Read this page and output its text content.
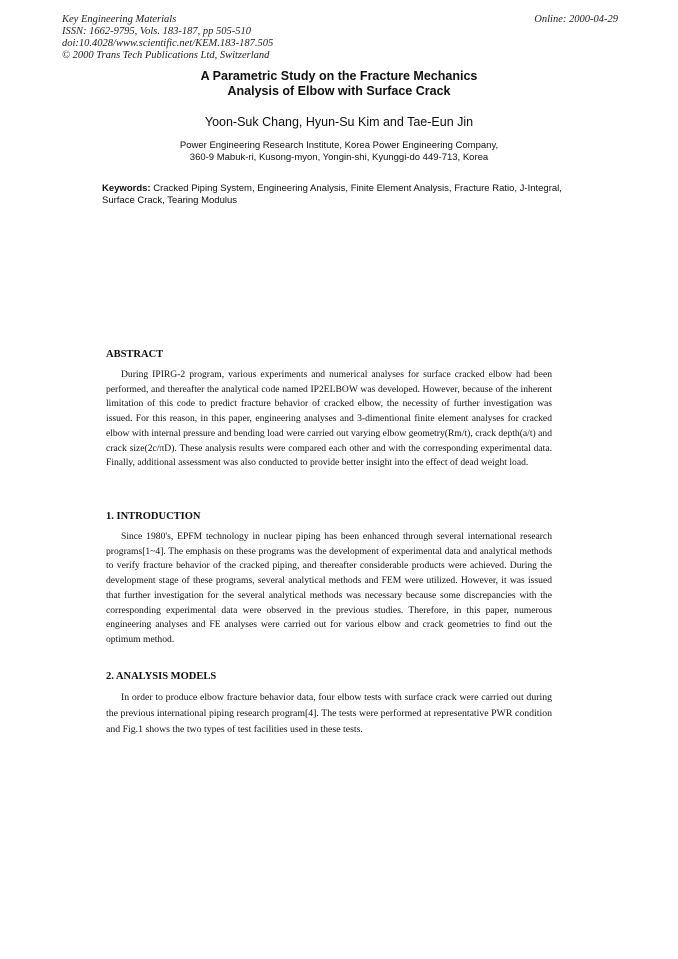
Key Engineering Materials
ISSN: 1662-9795, Vols. 183-187, pp 505-510
doi:10.4028/www.scientific.net/KEM.183-187.505
© 2000 Trans Tech Publications Ltd, Switzerland
Online: 2000-04-29
A Parametric Study on the Fracture Mechanics
Analysis of Elbow with Surface Crack
Yoon-Suk Chang, Hyun-Su Kim and Tae-Eun Jin
Power Engineering Research Institute, Korea Power Engineering Company,
360-9 Mabuk-ri, Kusong-myon, Yongin-shi, Kyunggi-do 449-713, Korea
Keywords: Cracked Piping System, Engineering Analysis, Finite Element Analysis, Fracture Ratio, J-Integral, Surface Crack, Tearing Modulus
ABSTRACT

During IPIRG-2 program, various experiments and numerical analyses for surface cracked elbow had been performed, and thereafter the analytical code named IP2ELBOW was developed. However, because of the inherent limitation of this code to predict fracture behavior of cracked elbow, the necessity of further investigation was issued. For this reason, in this paper, engineering analyses and 3-dimentional finite element analyses for cracked elbow with internal pressure and bending load were carried out varying elbow geometry(Rm/t), crack depth(a/t) and crack size(2c/πD). These analysis results were compared each other and with the corresponding experimental data. Finally, additional assessment was also conducted to provide better insight into the effect of dead weight load.

1. INTRODUCTION

Since 1980's, EPFM technology in nuclear piping has been enhanced through several international research programs[1~4]. The emphasis on these programs was the development of experimental data and analytical methods to verify fracture behavior of the cracked piping, and thereafter considerable products were achieved. During the development stage of these programs, several analytical methods and FEM were utilized. However, it was issued that further investigation for the several analytical methods was necessary because some discrepancies with the corresponding experimental data were observed in the previous studies. Therefore, in this paper, numerous engineering analyses and FE analyses were carried out for various elbow and crack geometries to find out the optimum method.

2. ANALYSIS MODELS

In order to produce elbow fracture behavior data, four elbow tests with surface crack were carried out during the previous international piping research program[4]. The tests were performed at representative PWR condition and Fig.1 shows the two types of test facilities used in these tests.
